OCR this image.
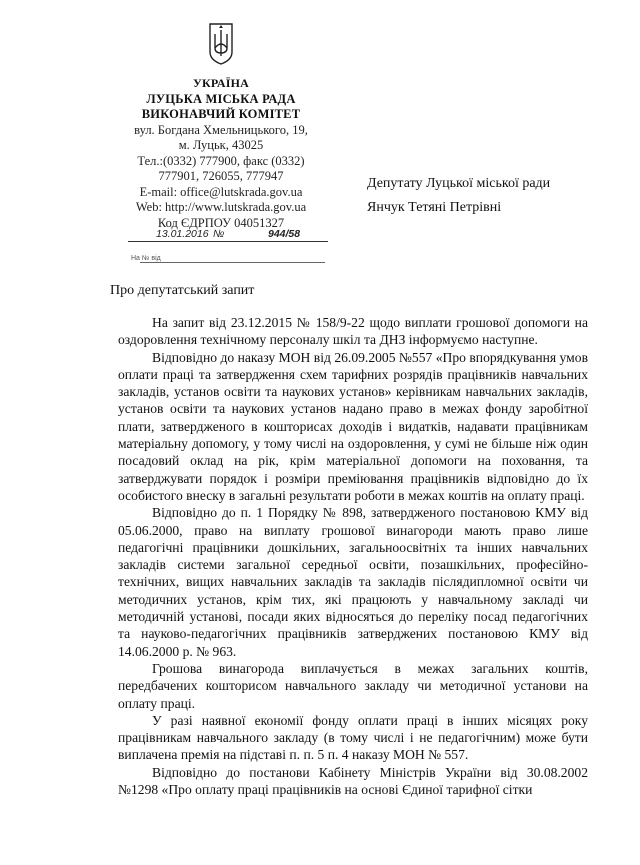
УКРАЇНА
ЛУЦЬКА МІСЬКА РАДА
ВИКОНАВЧИЙ КОМІТЕТ
вул. Богдана Хмельницького, 19,
м. Луцьк, 43025
Тел.:(0332) 777900, факс (0332)
777901, 726055, 777947
E-mail: office@lutskrada.gov.ua
Web: http://www.lutskrada.gov.ua
Код ЄДРПОУ 04051327
13.01.2016 №	944/58
На № від
Депутату Луцької міської ради
Янчук Тетяні Петрівні
Про депутатський запит

На запит від 23.12.2015 № 158/9-22 щодо виплати грошової допомоги на оздоровлення технічному персоналу шкіл та ДНЗ інформуємо наступне.

Відповідно до наказу МОН від 26.09.2005 №557 «Про впорядкування умов оплати праці та затвердження схем тарифних розрядів працівників навчальних закладів, установ освіти та наукових установ» керівникам навчальних закладів, установ освіти та наукових установ надано право в межах фонду заробітної плати, затвердженого в кошторисах доходів і видатків, надавати працівникам матеріальну допомогу, у тому числі на оздоровлення, у сумі не більше ніж один посадовий оклад на рік, крім матеріальної допомоги на поховання, та затверджувати порядок і розміри преміювання працівників відповідно до їх особистого внеску в загальні результати роботи в межах коштів на оплату праці.

Відповідно до п. 1 Порядку № 898, затвердженого постановою КМУ від 05.06.2000, право на виплату грошової винагороди мають право лише педагогічні працівники дошкільних, загальноосвітніх та інших навчальних закладів системи загальної середньої освіти, позашкільних, професійно-технічних, вищих навчальних закладів та закладів післядипломної освіти чи методичних установ, крім тих, які працюють у навчальному закладі чи методичній установі, посади яких відносяться до переліку посад педагогічних та науково-педагогічних працівників затверджених постановою КМУ від 14.06.2000 р. № 963.

Грошова винагорода виплачується в межах загальних коштів, передбачених кошторисом навчального закладу чи методичної установи на оплату праці.

У разі наявної економії фонду оплати праці в інших місяцях року працівникам навчального закладу (в тому числі і не педагогічним) може бути виплачена премія на підставі п. п. 5 п. 4 наказу МОН № 557.

Відповідно до постанови Кабінету Міністрів України від 30.08.2002 №1298 «Про оплату праці працівників на основі Єдиної тарифної сітки
